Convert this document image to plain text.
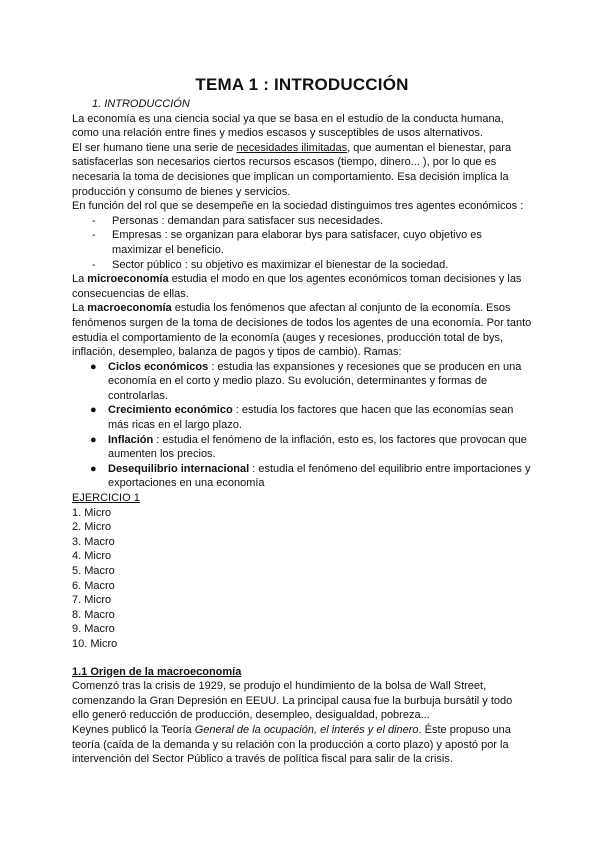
TEMA 1 : INTRODUCCIÓN
1. INTRODUCCIÓN

La economía es una ciencia social ya que se basa en el estudio de la conducta humana, como una relación entre fines y medios escasos y susceptibles de usos alternativos.

El ser humano tiene una serie de necesidades ilimitadas, que aumentan el bienestar, para satisfacerlas son necesarios ciertos recursos escasos (tiempo, dinero... ), por lo que es necesaria la toma de decisiones que implican un comportamiento. Esa decisión implica la producción y consumo de bienes y servicios.

En función del rol que se desempeñe en la sociedad distinguimos tres agentes económicos :

- Personas : demandan para satisfacer sus necesidades.
- Empresas : se organizan para elaborar bys para satisfacer, cuyo objetivo es maximizar el beneficio.
- Sector público : su objetivo es maximizar el bienestar de la sociedad.

La microeconomía estudia el modo en que los agentes económicos toman decisiones y las consecuencias de ellas.

La macroeconomía estudia los fenómenos que afectan al conjunto de la economía. Esos fenómenos surgen de la toma de decisiones de todos los agentes de una economía. Por tanto estudia el comportamiento de la economía (auges y recesiones, producción total de bys, inflación, desempleo, balanza de pagos y tipos de cambio). Ramas:

● Ciclos económicos : estudia las expansiones y recesiones que se producen en una economía en el corto y medio plazo. Su evolución, determinantes y formas de controlarlas.
● Crecimiento económico : estudia los factores que hacen que las economías sean más ricas en el largo plazo.
● Inflación : estudia el fenómeno de la inflación, esto es, los factores que provocan que aumenten los precios.
● Desequilibrio internacional : estudia el fenómeno del equilibrio entre importaciones y exportaciones en una economía
EJERCICIO 1
1. Micro
2. Micro
3. Macro
4. Micro
5. Macro
6. Macro
7. Micro
8. Macro
9. Macro
10. Micro
1.1 Origen de la macroeconomía

Comenzó tras la crisis de 1929, se produjo el hundimiento de la bolsa de Wall Street, comenzando la Gran Depresión en EEUU. La principal causa fue la burbuja bursátil y todo ello generó reducción de producción, desempleo, desigualdad, pobreza...

Keynes publicó la Teoría General de la ocupación, el interés y el dinero. Éste propuso una teoría (caída de la demanda y su relación con la producción a corto plazo) y apostó por la intervención del Sector Público a través de política fiscal para salir de la crisis.
